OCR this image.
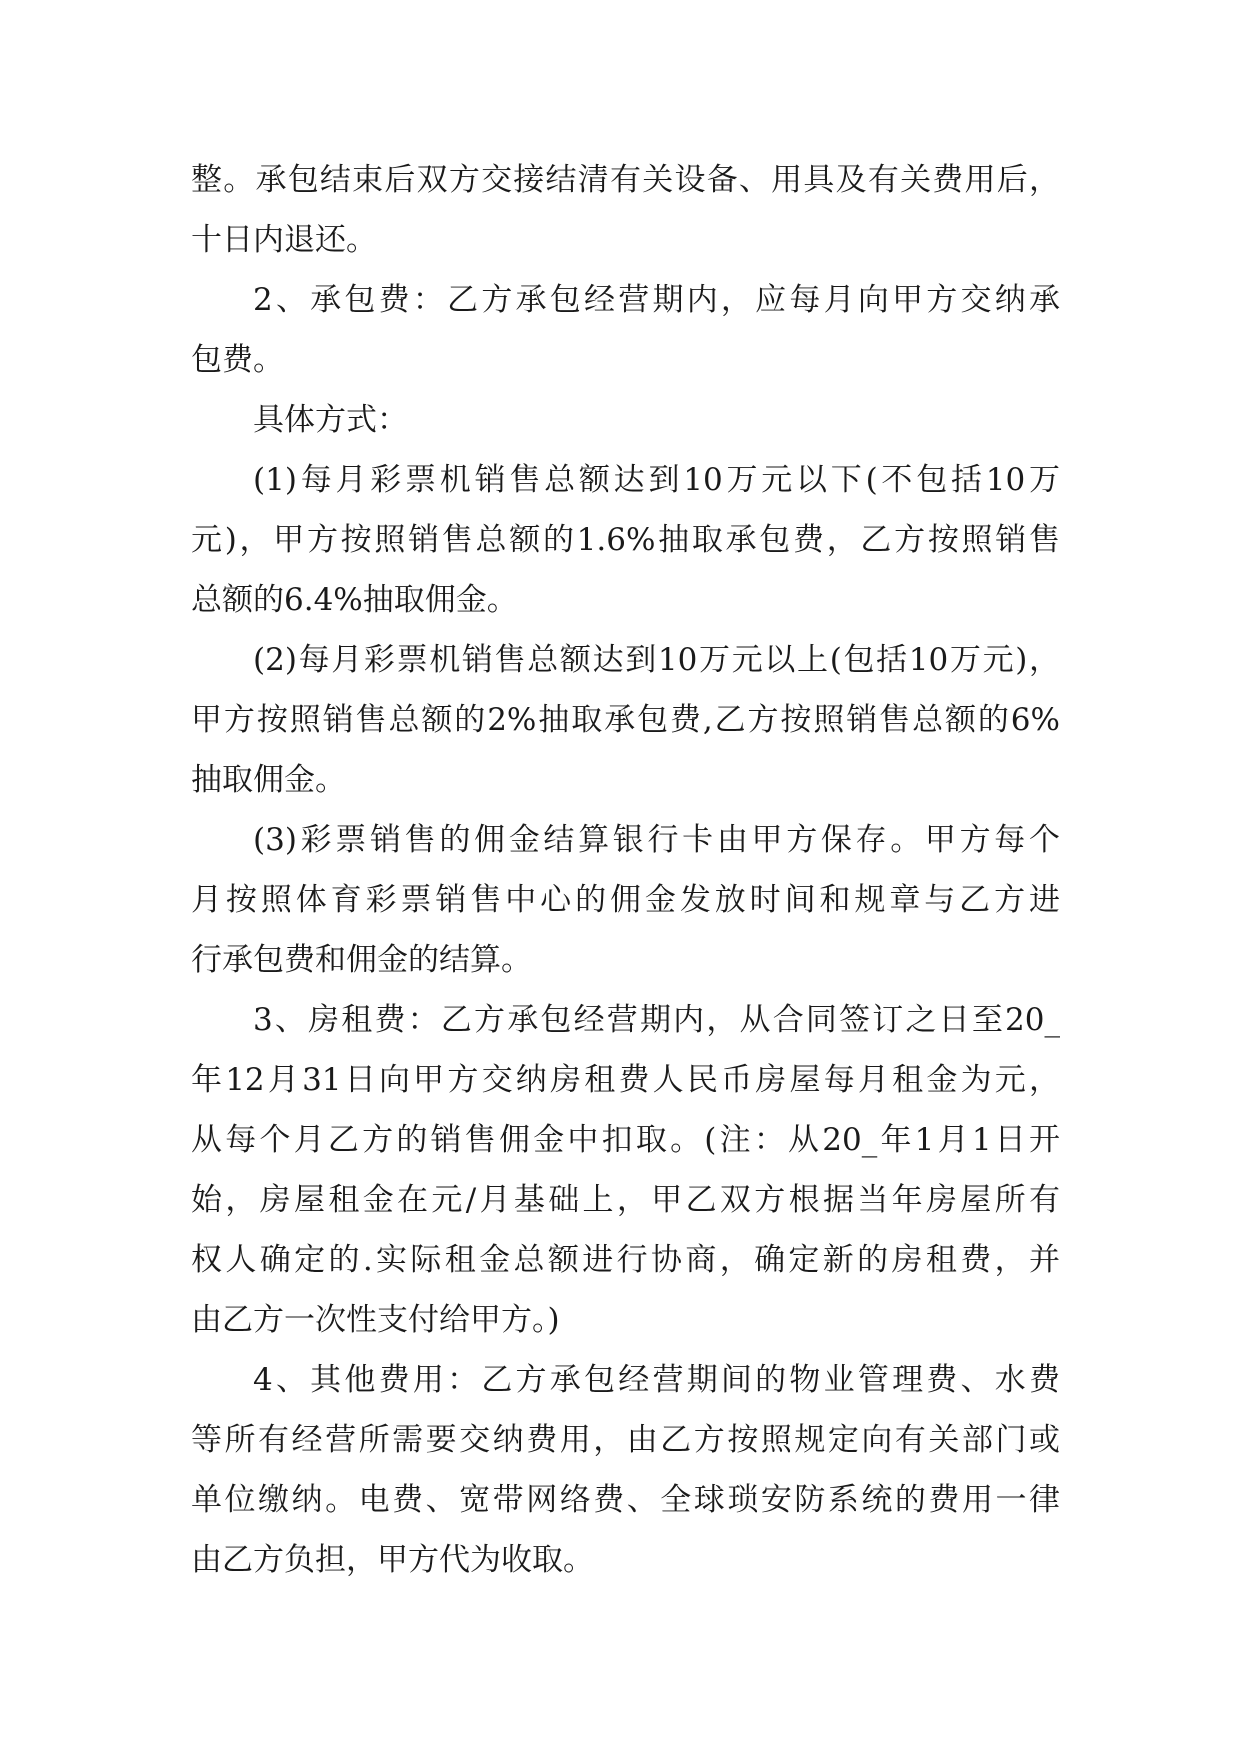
整。承包结束后双方交接结清有关设备、用具及有关费用后，
十日内退还。
2、承包费：乙方承包经营期内，应每月向甲方交纳承
包费。
具体方式：
(1)每月彩票机销售总额达到10万元以下(不包括10万
元)，甲方按照销售总额的1.6%抽取承包费，乙方按照销售
总额的6.4%抽取佣金。
(2)每月彩票机销售总额达到10万元以上(包括10万元)，
甲方按照销售总额的2%抽取承包费,乙方按照销售总额的6%
抽取佣金。
(3)彩票销售的佣金结算银行卡由甲方保存。甲方每个
月按照体育彩票销售中心的佣金发放时间和规章与乙方进
行承包费和佣金的结算。
3、房租费：乙方承包经营期内，从合同签订之日至20_
年12月31日向甲方交纳房租费人民币房屋每月租金为元，
从每个月乙方的销售佣金中扣取。(注：从20_年1月1日开
始，房屋租金在元/月基础上，甲乙双方根据当年房屋所有
权人确定的.实际租金总额进行协商，确定新的房租费，并
由乙方一次性支付给甲方。)
4、其他费用：乙方承包经营期间的物业管理费、水费
等所有经营所需要交纳费用，由乙方按照规定向有关部门或
单位缴纳。电费、宽带网络费、全球琐安防系统的费用一律
由乙方负担，甲方代为收取。
